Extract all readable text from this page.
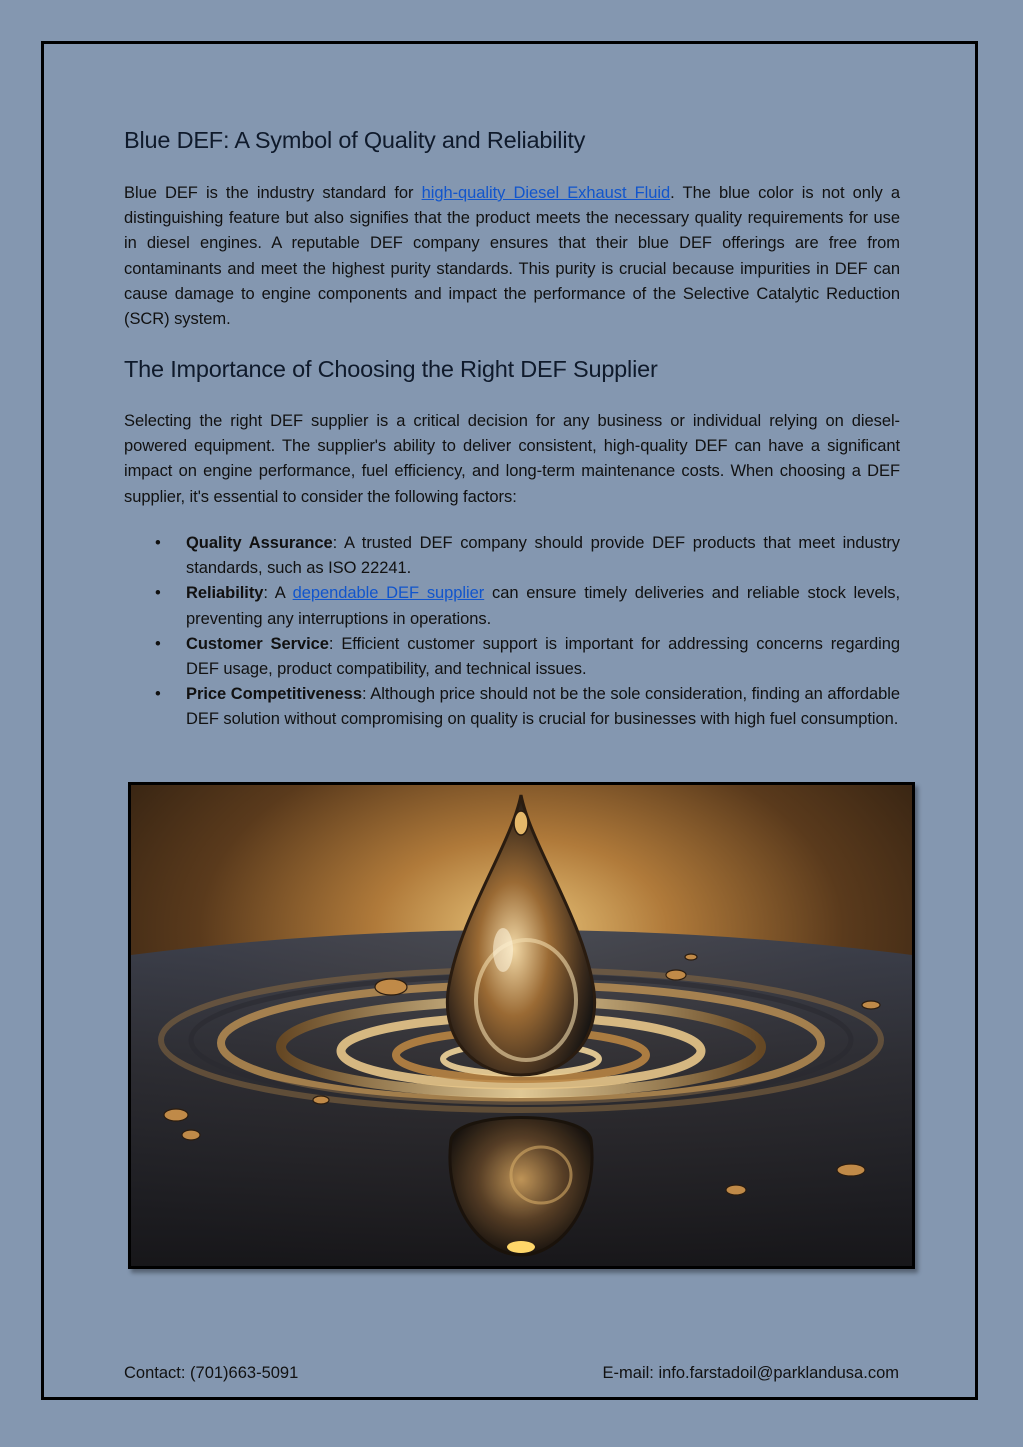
Blue DEF: A Symbol of Quality and Reliability

Blue DEF is the industry standard for high-quality Diesel Exhaust Fluid. The blue color is not only a distinguishing feature but also signifies that the product meets the necessary quality requirements for use in diesel engines. A reputable DEF company ensures that their blue DEF offerings are free from contaminants and meet the highest purity standards. This purity is crucial because impurities in DEF can cause damage to engine components and impact the performance of the Selective Catalytic Reduction (SCR) system.

The Importance of Choosing the Right DEF Supplier

Selecting the right DEF supplier is a critical decision for any business or individual relying on diesel-powered equipment. The supplier's ability to deliver consistent, high-quality DEF can have a significant impact on engine performance, fuel efficiency, and long-term maintenance costs. When choosing a DEF supplier, it's essential to consider the following factors:

• Quality Assurance: A trusted DEF company should provide DEF products that meet industry standards, such as ISO 22241.
• Reliability: A dependable DEF supplier can ensure timely deliveries and reliable stock levels, preventing any interruptions in operations.
• Customer Service: Efficient customer support is important for addressing concerns regarding DEF usage, product compatibility, and technical issues.
• Price Competitiveness: Although price should not be the sole consideration, finding an affordable DEF solution without compromising on quality is crucial for businesses with high fuel consumption.
Contact: (701)663-5091	E-mail: info.farstadoil@parklandusa.com
